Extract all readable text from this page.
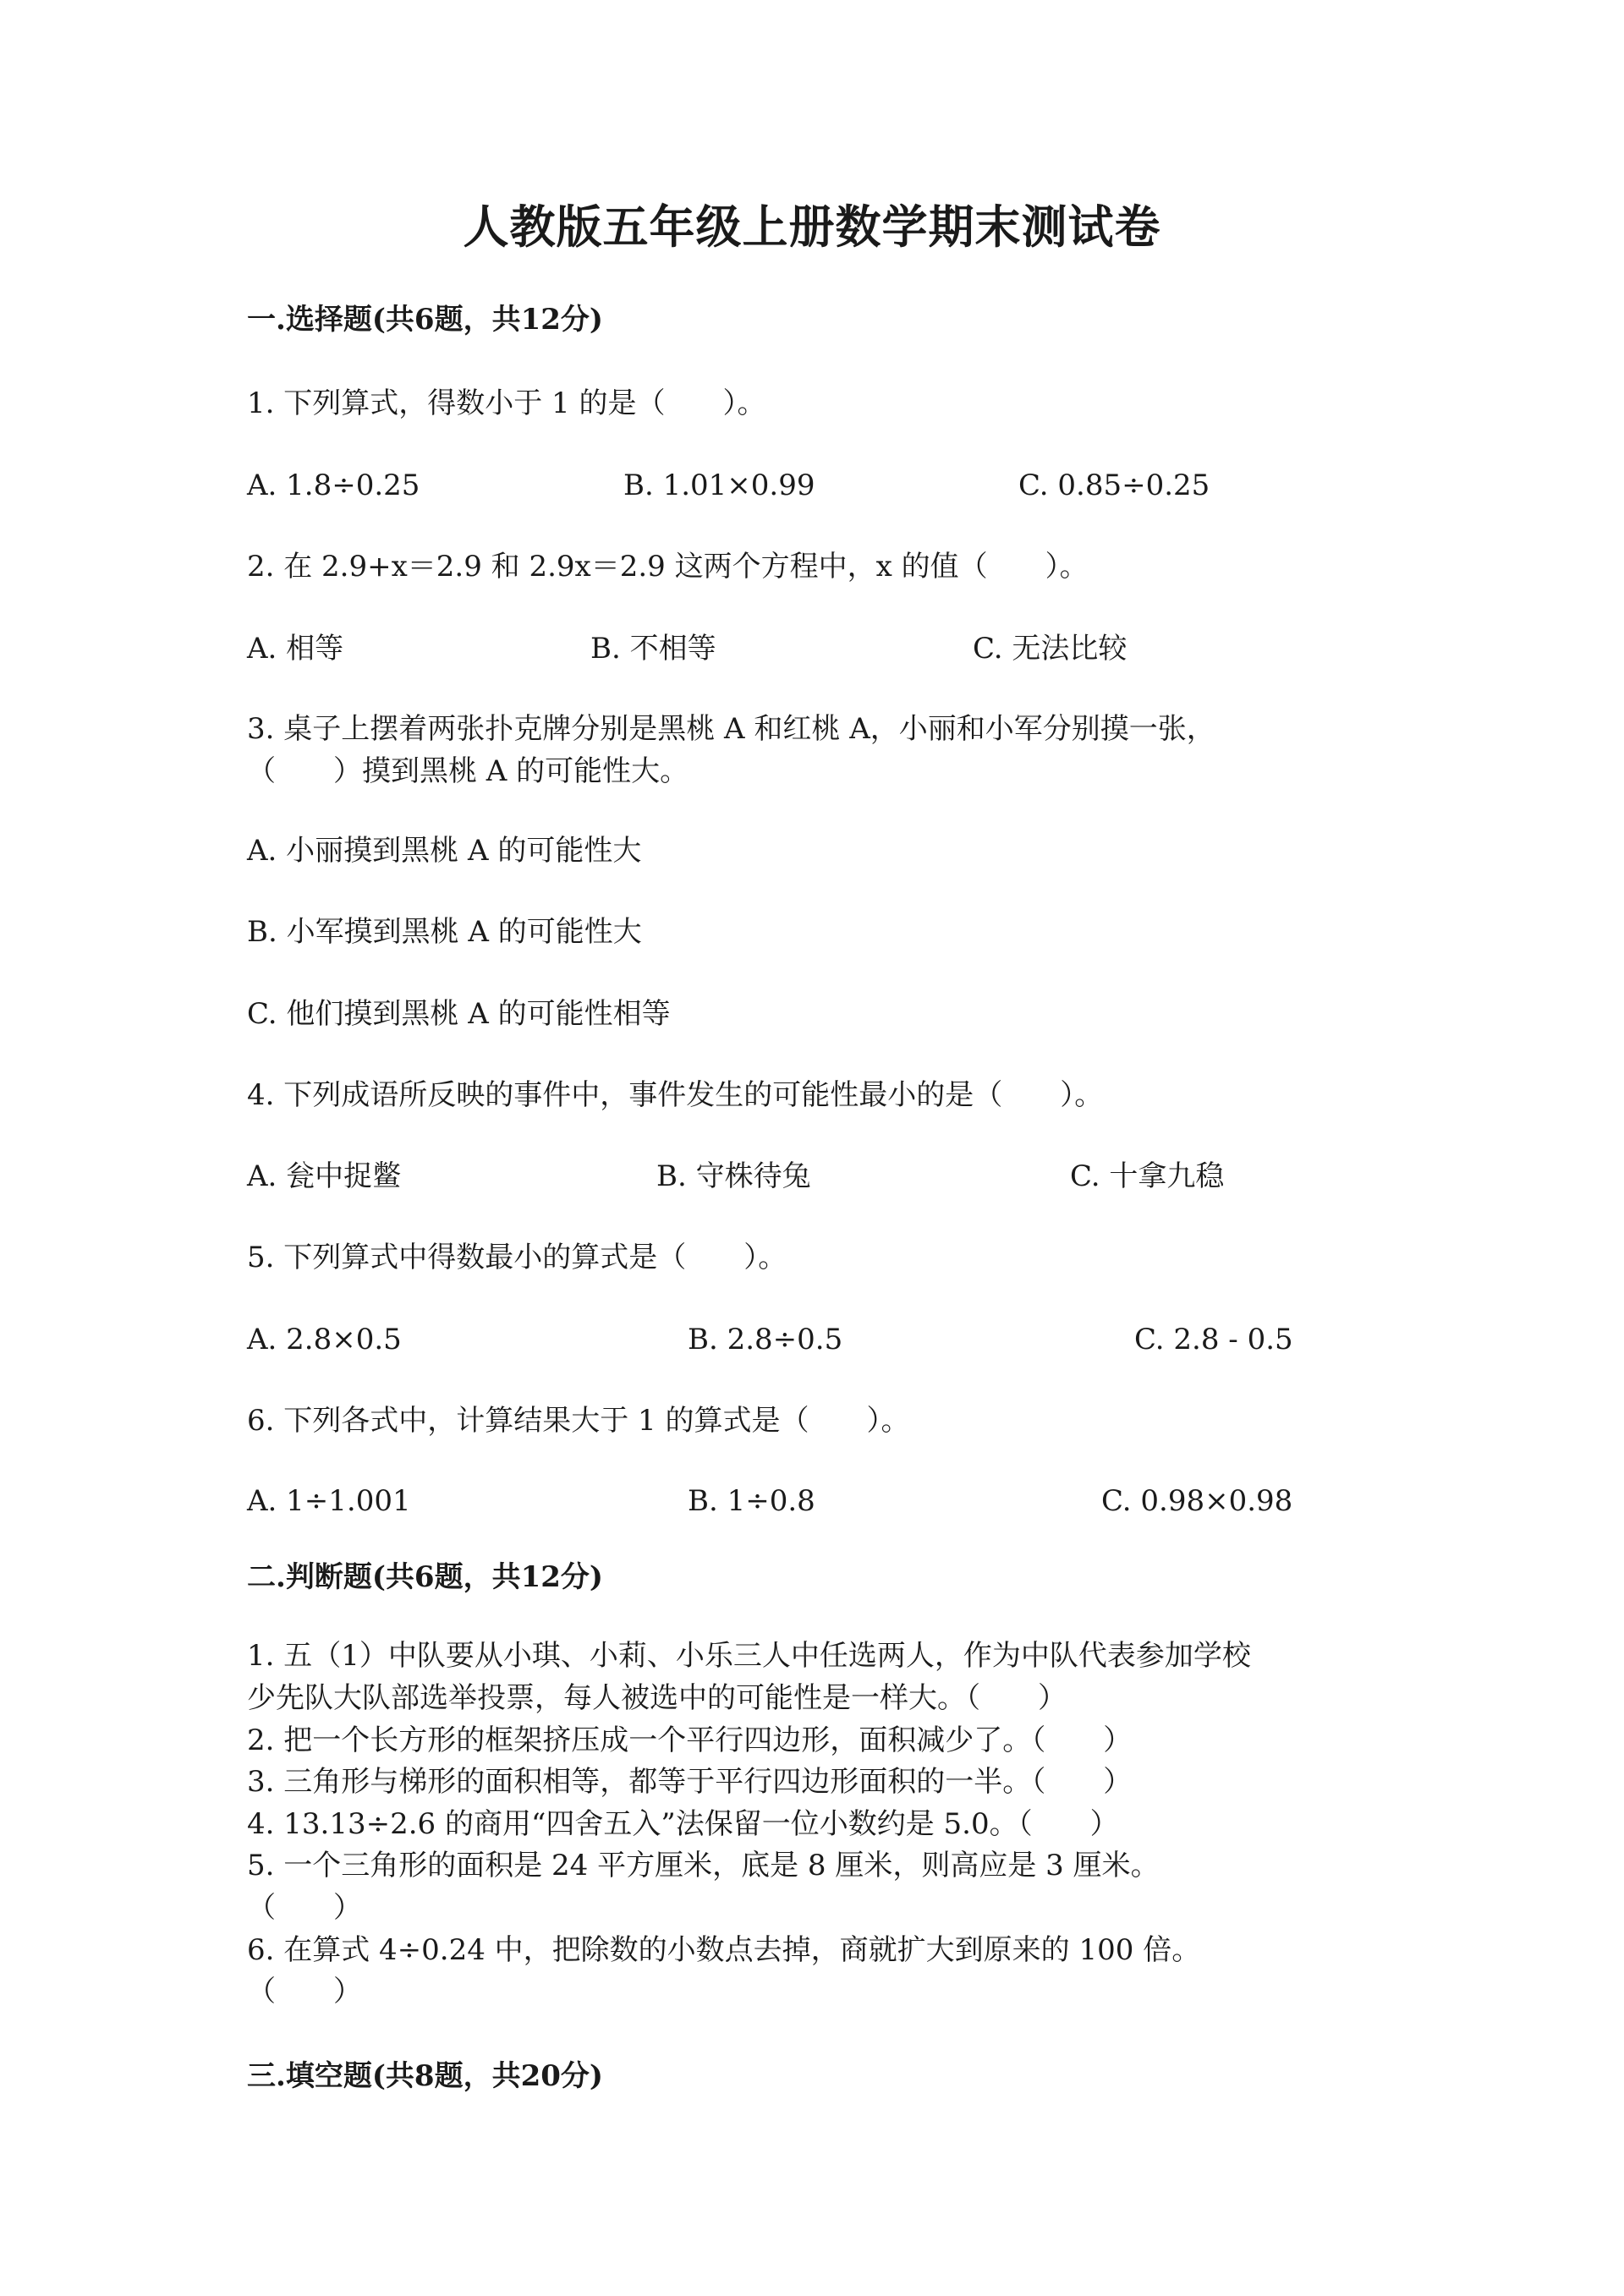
人教版五年级上册数学期末测试卷
一.选择题(共6题，共12分)
1. 下列算式，得数小于 1 的是（　　）。
A. 1.8÷0.25	B. 1.01×0.99	C. 0.85÷0.25
2. 在 2.9+x＝2.9 和 2.9x＝2.9 这两个方程中，x 的值（　　）。
A. 相等	B. 不相等	C. 无法比较
3. 桌子上摆着两张扑克牌分别是黑桃 A 和红桃 A，小丽和小军分别摸一张，
（　　）摸到黑桃 A 的可能性大。
A. 小丽摸到黑桃 A 的可能性大
B. 小军摸到黑桃 A 的可能性大
C. 他们摸到黑桃 A 的可能性相等
4. 下列成语所反映的事件中，事件发生的可能性最小的是（　　）。
A. 瓮中捉鳖	B. 守株待兔	C. 十拿九稳
5. 下列算式中得数最小的算式是（　　）。
A. 2.8×0.5	B. 2.8÷0.5	C. 2.8 - 0.5
6. 下列各式中，计算结果大于 1 的算式是（　　）。
A. 1÷1.001	B. 1÷0.8	C. 0.98×0.98
二.判断题(共6题，共12分)
1. 五（1）中队要从小琪、小莉、小乐三人中任选两人，作为中队代表参加学校
少先队大队部选举投票，每人被选中的可能性是一样大。（　　）
2. 把一个长方形的框架挤压成一个平行四边形，面积减少了。（　　）
3. 三角形与梯形的面积相等，都等于平行四边形面积的一半。（　　）
4. 13.13÷2.6 的商用“四舍五入”法保留一位小数约是 5.0。（　　）
5. 一个三角形的面积是 24 平方厘米，底是 8 厘米，则高应是 3 厘米。
（　　）
6. 在算式 4÷0.24 中，把除数的小数点去掉，商就扩大到原来的 100 倍。
（　　）
三.填空题(共8题，共20分)
